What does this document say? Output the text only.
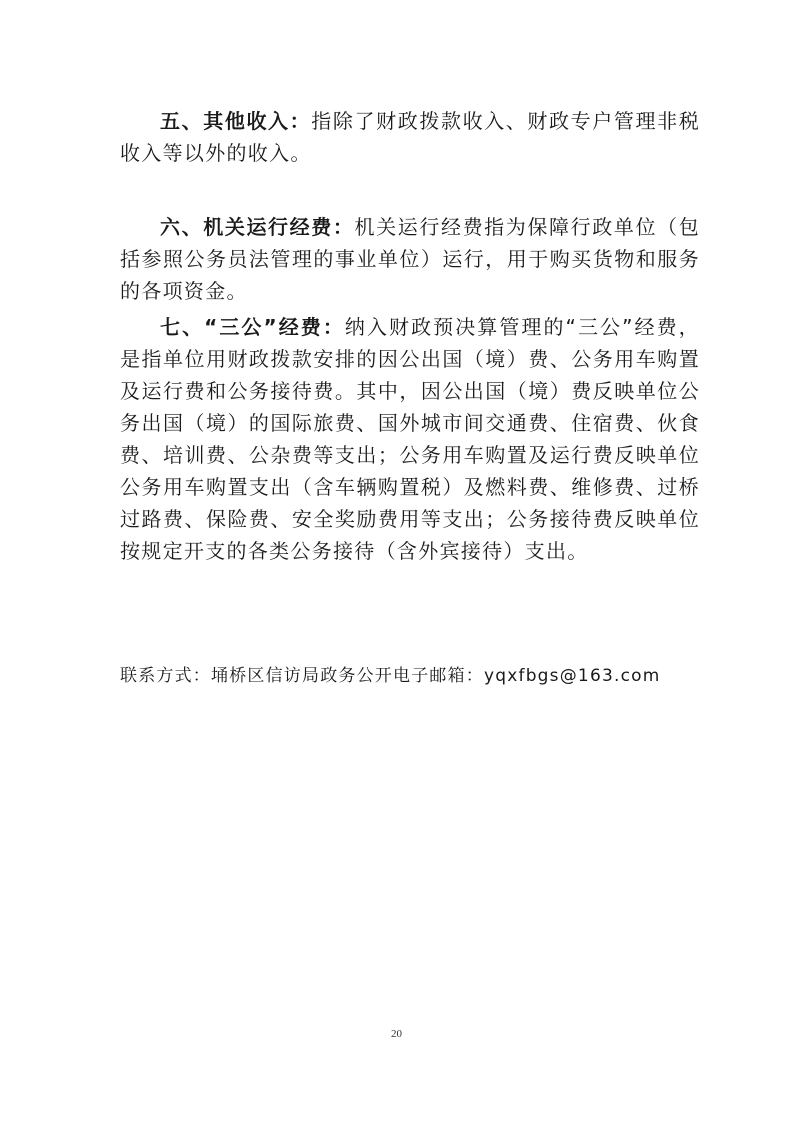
五、其他收入：指除了财政拨款收入、财政专户管理非税收入等以外的收入。

六、机关运行经费：机关运行经费指为保障行政单位（包括参照公务员法管理的事业单位）运行，用于购买货物和服务的各项资金。

七、“三公”经费：纳入财政预决算管理的“三公”经费，是指单位用财政拨款安排的因公出国（境）费、公务用车购置及运行费和公务接待费。其中，因公出国（境）费反映单位公务出国（境）的国际旅费、国外城市间交通费、住宿费、伙食费、培训费、公杂费等支出；公务用车购置及运行费反映单位公务用车购置支出（含车辆购置税）及燃料费、维修费、过桥过路费、保险费、安全奖励费用等支出；公务接待费反映单位按规定开支的各类公务接待（含外宾接待）支出。

联系方式：埇桥区信访局政务公开电子邮箱：yqxfbgs@163.com

20
